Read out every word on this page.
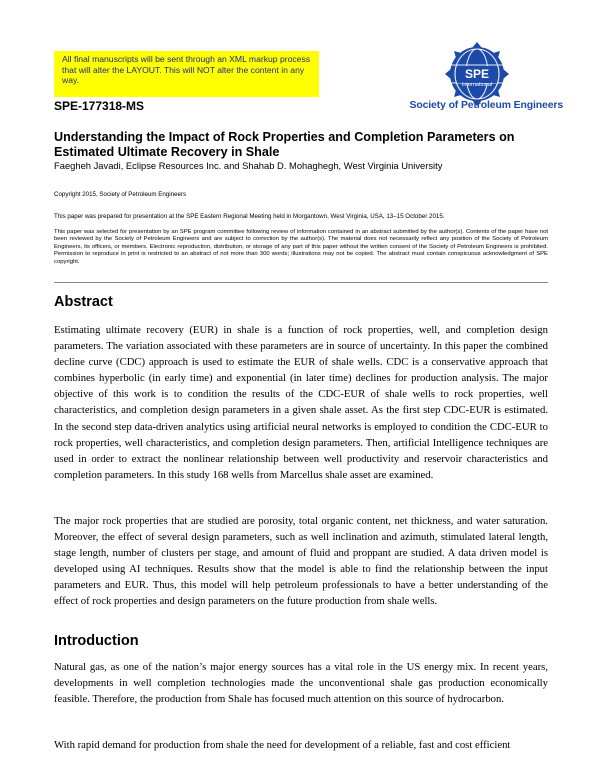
All final manuscripts will be sent through an XML markup process that will alter the LAYOUT. This will NOT alter the content in any way.	SPE
International
Society of Petroleum Engineers
SPE-177318-MS
Understanding the Impact of Rock Properties and Completion Parameters on Estimated Ultimate Recovery in Shale
Faegheh Javadi, Eclipse Resources Inc. and Shahab D. Mohaghegh, West Virginia University
Copyright 2015, Society of Petroleum Engineers
This paper was prepared for presentation at the SPE Eastern Regional Meeting held in Morgantown, West Virginia, USA, 13–15 October 2015.
This paper was selected for presentation by an SPE program committee following review of information contained in an abstract submitted by the author(s). Contents of the paper have not been reviewed by the Society of Petroleum Engineers and are subject to correction by the author(s). The material does not necessarily reflect any position of the Society of Petroleum Engineers, its officers, or members. Electronic reproduction, distribution, or storage of any part of this paper without the written consent of the Society of Petroleum Engineers is prohibited. Permission to reproduce in print is restricted to an abstract of not more than 300 words; illustrations may not be copied. The abstract must contain conspicuous acknowledgment of SPE copyright.
Abstract
Estimating ultimate recovery (EUR) in shale is a function of rock properties, well, and completion design parameters. The variation associated with these parameters are in source of uncertainty. In this paper the combined decline curve (CDC) approach is used to estimate the EUR of shale wells. CDC is a conservative approach that combines hyperbolic (in early time) and exponential (in later time) declines for production analysis. The major objective of this work is to condition the results of the CDC-EUR of shale wells to rock properties, well characteristics, and completion design parameters in a given shale asset. As the first step CDC-EUR is estimated. In the second step data-driven analytics using artificial neural networks is employed to condition the CDC-EUR to rock properties, well characteristics, and completion design parameters. Then, artificial Intelligence techniques are used in order to extract the nonlinear relationship between well productivity and reservoir characteristics and completion parameters. In this study 168 wells from Marcellus shale asset are examined.
The major rock properties that are studied are porosity, total organic content, net thickness, and water saturation. Moreover, the effect of several design parameters, such as well inclination and azimuth, stimulated lateral length, stage length, number of clusters per stage, and amount of fluid and proppant are studied. A data driven model is developed using AI techniques. Results show that the model is able to find the relationship between the input parameters and EUR. Thus, this model will help petroleum professionals to have a better understanding of the effect of rock properties and design parameters on the future production from shale wells.
Introduction
Natural gas, as one of the nation’s major energy sources has a vital role in the US energy mix. In recent years, developments in well completion technologies made the unconventional shale gas production economically feasible. Therefore, the production from Shale has focused much attention on this source of hydrocarbon.
With rapid demand for production from shale the need for development of a reliable, fast and cost efficient
